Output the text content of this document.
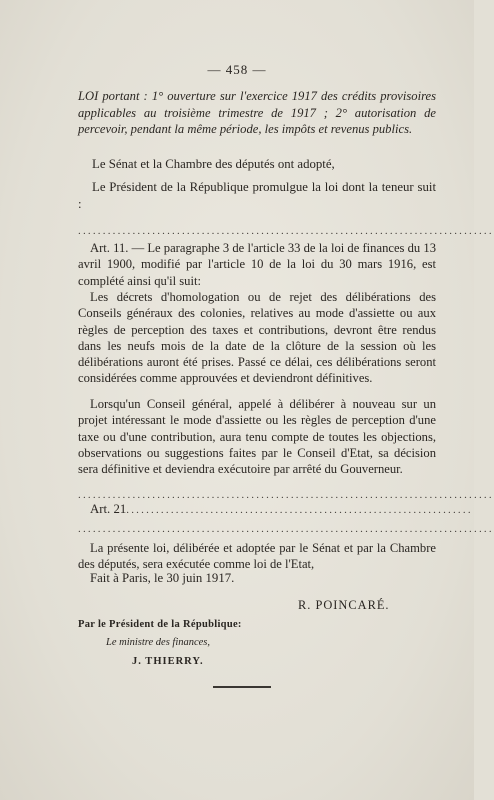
— 458 —

LOI portant : 1° ouverture sur l'exercice 1917 des crédits provisoires applicables au troisième trimestre de 1917 ; 2° autorisation de percevoir, pendant la même période, les impôts et revenus publics.

Le Sénat et la Chambre des députés ont adopté,

Le Président de la République promulgue la loi dont la teneur suit :

....................................................................................

Art. 11. — Le paragraphe 3 de l'article 33 de la loi de finances du 13 avril 1900, modifié par l'article 10 de la loi du 30 mars 1916, est complété ainsi qu'il suit:

Les décrets d'homologation ou de rejet des délibérations des Conseils généraux des colonies, relatives au mode d'assiette ou aux règles de perception des taxes et contributions, devront être rendus dans les neufs mois de la date de la clôture de la session où les délibérations auront été prises. Passé ce délai, ces délibérations seront considérées comme approuvées et deviendront définitives.

Lorsqu'un Conseil général, appelé à délibérer à nouveau sur un projet intéressant le mode d'assiette ou les règles de perception d'une taxe ou d'une contribution, aura tenu compte de toutes les objections, observations ou suggestions faites par le Conseil d'Etat, sa décision sera définitive et deviendra exécutoire par arrêté du Gouverneur.

....................................................................................
Art. 21......................................................................
....................................................................................

La présente loi, délibérée et adoptée par le Sénat et par la Chambre des députés, sera exécutée comme loi de l'Etat,

Fait à Paris, le 30 juin 1917.

R. POINCARÉ.

Par le Président de la République:

Le ministre des finances,

J. THIERRY.
